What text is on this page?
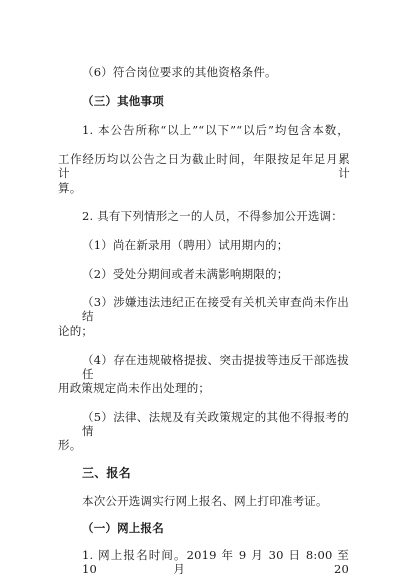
（6）符合岗位要求的其他资格条件。
（三）其他事项
1. 本公告所称“以上”“以下”“以后”均包含本数，
工作经历均以公告之日为截止时间，年限按足年足月累计计
算。
2. 具有下列情形之一的人员，不得参加公开选调：
（1）尚在新录用（聘用）试用期内的；
（2）受处分期间或者未满影响期限的；
（3）涉嫌违法违纪正在接受有关机关审查尚未作出结
论的；
（4）存在违规破格提拔、突击提拔等违反干部选拔任
用政策规定尚未作出处理的；
（5）法律、法规及有关政策规定的其他不得报考的情
形。
三、报名
本次公开选调实行网上报名、网上打印准考证。
（一）网上报名
1. 网上报名时间。2019 年 9 月 30 日 8:00 至 10 月 20
